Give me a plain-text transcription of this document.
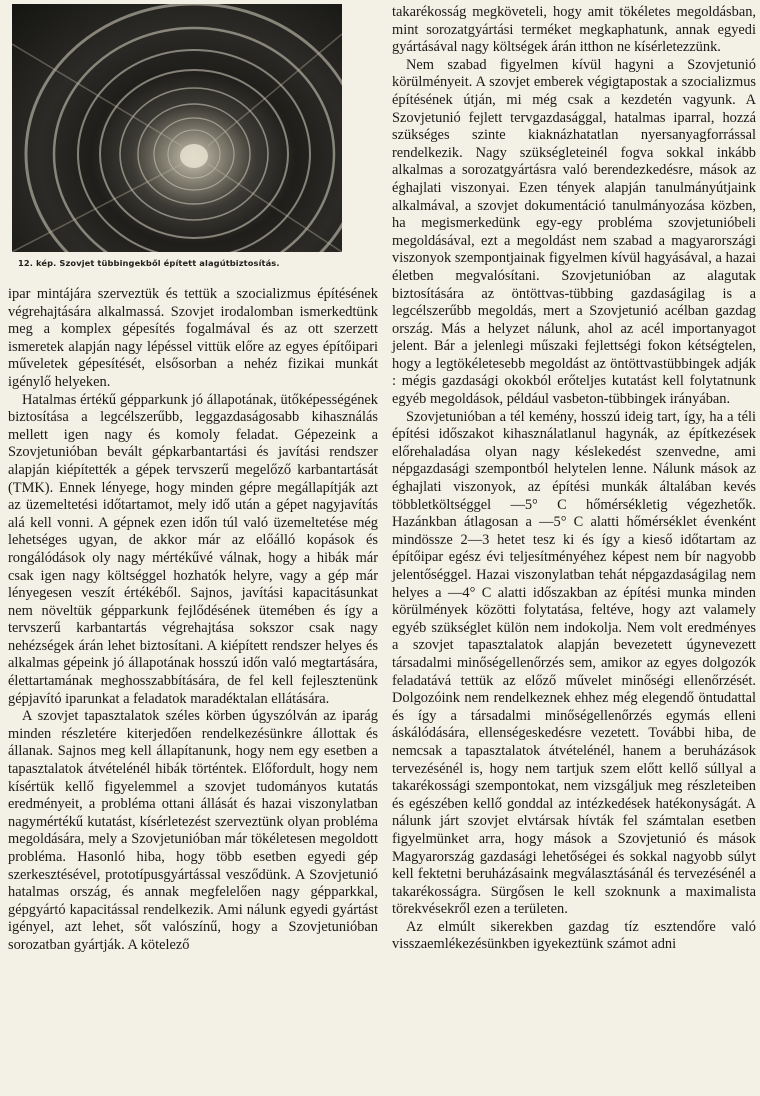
12. kép. Szovjet tübbingekből épített alagútbiztosítás.

ipar mintájára szerveztük és tettük a szocializmus építésének végrehajtására alkalmassá. Szovjet irodalomban ismerkedtünk meg a komplex gépesítés fogalmával és az ott szerzett ismeretek alapján nagy lépéssel vittük előre az egyes építőipari műveletek gépesítését, elsősorban a nehéz fizikai munkát igénylő helyeken.

Hatalmas értékű gépparkunk jó állapotának, ütőképességének biztosítása a legcélszerűbb, leggazdaságosabb kihasználás mellett igen nagy és komoly feladat. Gépezeink a Szovjetunióban bevált gépkarbantartási és javítási rendszer alapján kiépítették a gépek tervszerű megelőző karbantartását (TMK). Ennek lényege, hogy minden gépre megállapítják azt az üzemeltetési időtartamot, mely idő után a gépet nagyjavítás alá kell vonni. A gépnek ezen időn túl való üzemeltetése még lehetséges ugyan, de akkor már az előálló kopások és rongálódások oly nagy mértékűvé válnak, hogy a hibák már csak igen nagy költséggel hozhatók helyre, vagy a gép már lényegesen veszít értékéből. Sajnos, javítási kapacitásunkat nem növeltük gépparkunk fejlődésének ütemében és így a tervszerű karbantartás végrehajtása sokszor csak nagy nehézségek árán lehet biztosítani. A kiépített rendszer helyes és alkalmas gépeink jó állapotának hosszú időn való megtartására, élettartamának meghosszabbítására, de fel kell fejlesztenünk gépjavító iparunkat a feladatok maradéktalan ellátására.

A szovjet tapasztalatok széles körben úgyszólván az iparág minden részletére kiterjedően rendelkezésünkre állottak és állanak. Sajnos meg kell állapítanunk, hogy nem egy esetben a tapasztalatok átvételénél hibák történtek. Előfordult, hogy nem kísértük kellő figyelemmel a szovjet tudományos kutatás eredményeit, a probléma ottani állását és hazai viszonylatban nagymértékű kutatást, kísérletezést szerveztünk olyan probléma megoldására, mely a Szovjetunióban már tökéletesen megoldott probléma. Hasonló hiba, hogy több esetben egyedi gép szerkesztésével, prototípusgyártással vesződünk. A Szovjetunió hatalmas ország, és annak megfelelően nagy gépparkkal, gépgyártó kapacitással rendelkezik. Ami nálunk egyedi gyártást igényel, azt lehet, sőt valószínű, hogy a Szovjetunióban sorozatban gyártják. A kötelező

takarékosság megköveteli, hogy amit tökéletes megoldásban, mint sorozatgyártási terméket megkaphatunk, annak egyedi gyártásával nagy költségek árán itthon ne kísérletezzünk.

Nem szabad figyelmen kívül hagyni a Szovjetunió körülményeit. A szovjet emberek végigtapostak a szocializmus építésének útján, mi még csak a kezdetén vagyunk. A Szovjetunió fejlett tervgazdasággal, hatalmas iparral, hozzá szükséges szinte kiaknázhatatlan nyersanyagforrással rendelkezik. Nagy szükségleteinél fogva sokkal inkább alkalmas a sorozatgyártásra való berendezkedésre, mások az éghajlati viszonyai. Ezen tények alapján tanulmányútjaink alkalmával, a szovjet dokumentáció tanulmányozása közben, ha megismerkedünk egy-egy probléma szovjetunióbeli megoldásával, ezt a megoldást nem szabad a magyarországi viszonyok szempontjainak figyelmen kívül hagyásával, a hazai életben megvalósítani. Szovjetunióban az alagutak biztosítására az öntöttvas-tübbing gazdaságilag is a legcélszerűbb megoldás, mert a Szovjetunió acélban gazdag ország. Más a helyzet nálunk, ahol az acél importanyagot jelent. Bár a jelenlegi műszaki fejlettségi fokon kétségtelen, hogy a legtökéletesebb megoldást az öntöttvastübbingek adják : mégis gazdasági okokból erőteljes kutatást kell folytatnunk egyéb megoldások, például vasbeton-tübbingek irányában.

Szovjetunióban a tél kemény, hosszú ideig tart, így, ha a téli építési időszakot kihasználatlanul hagynák, az építkezések előrehaladása olyan nagy késlekedést szenvedne, ami népgazdasági szempontból helytelen lenne. Nálunk mások az éghajlati viszonyok, az építési munkák általában kevés többletköltséggel —5° C hőmérsékletig végezhetők. Hazánkban átlagosan a —5° C alatti hőmérséklet évenként mindössze 2—3 hetet tesz ki és így a kieső időtartam az építőipar egész évi teljesítményéhez képest nem bír nagyobb jelentőséggel. Hazai viszonylatban tehát népgazdaságilag nem helyes a —4° C alatti időszakban az építési munka minden körülmények közötti folytatása, feltéve, hogy azt valamely egyéb szükséglet külön nem indokolja. Nem volt eredményes a szovjet tapasztalatok alapján bevezetett úgynevezett társadalmi minőségellenőrzés sem, amikor az egyes dolgozók feladatává tettük az előző művelet minőségi ellenőrzését. Dolgozóink nem rendelkeznek ehhez még elegendő öntudattal és így a társadalmi minőségellenőrzés egymás elleni áskálódására, ellenségeskedésre vezetett. További hiba, de nemcsak a tapasztalatok átvételénél, hanem a beruházások tervezésénél is, hogy nem tartjuk szem előtt kellő súllyal a takarékossági szempontokat, nem vizsgáljuk meg részleteiben és egészében kellő gonddal az intézkedések hatékonyságát. A nálunk járt szovjet elvtársak hívták fel számtalan esetben figyelmünket arra, hogy mások a Szovjetunió és mások Magyarország gazdasági lehetőségei és sokkal nagyobb súlyt kell fektetni beruházásaink megválasztásánál és tervezésénél a takarékosságra. Sürgősen le kell szoknunk a maximalista törekvésekről ezen a területen.

Az elmúlt sikerekben gazdag tíz esztendőre való visszaemlékezésünkben igyekeztünk számot adni
